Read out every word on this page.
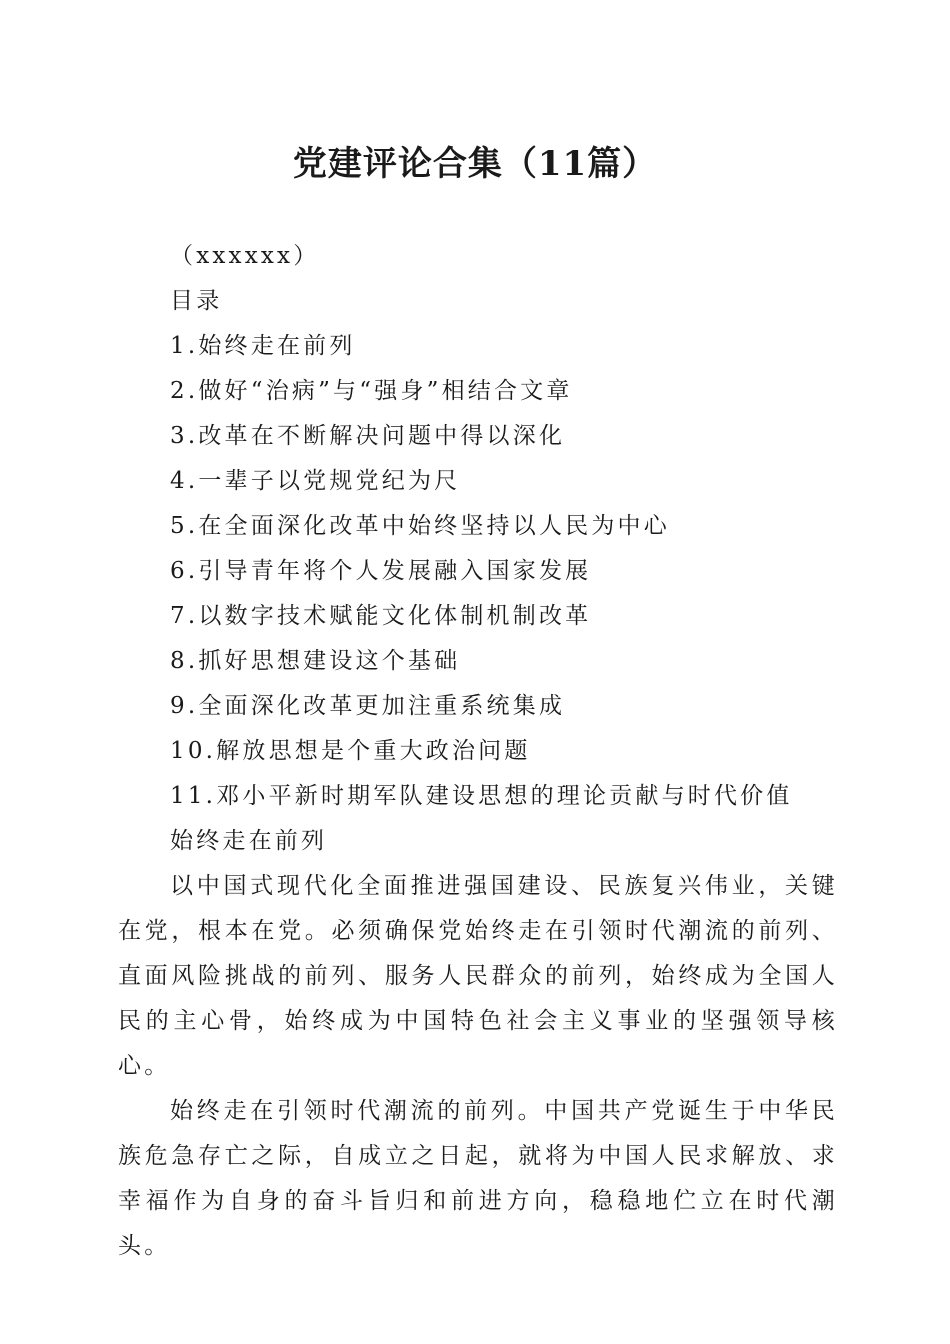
党建评论合集（11篇）
（xxxxxx）
目录
1.始终走在前列
2.做好“治病”与“强身”相结合文章
3.改革在不断解决问题中得以深化
4.一辈子以党规党纪为尺
5.在全面深化改革中始终坚持以人民为中心
6.引导青年将个人发展融入国家发展
7.以数字技术赋能文化体制机制改革
8.抓好思想建设这个基础
9.全面深化改革更加注重系统集成
10.解放思想是个重大政治问题
11.邓小平新时期军队建设思想的理论贡献与时代价值
始终走在前列

以中国式现代化全面推进强国建设、民族复兴伟业，关键在党，根本在党。必须确保党始终走在引领时代潮流的前列、直面风险挑战的前列、服务人民群众的前列，始终成为全国人民的主心骨，始终成为中国特色社会主义事业的坚强领导核心。

始终走在引领时代潮流的前列。中国共产党诞生于中华民族危急存亡之际，自成立之日起，就将为中国人民求解放、求幸福作为自身的奋斗旨归和前进方向，稳稳地伫立在时代潮头。
